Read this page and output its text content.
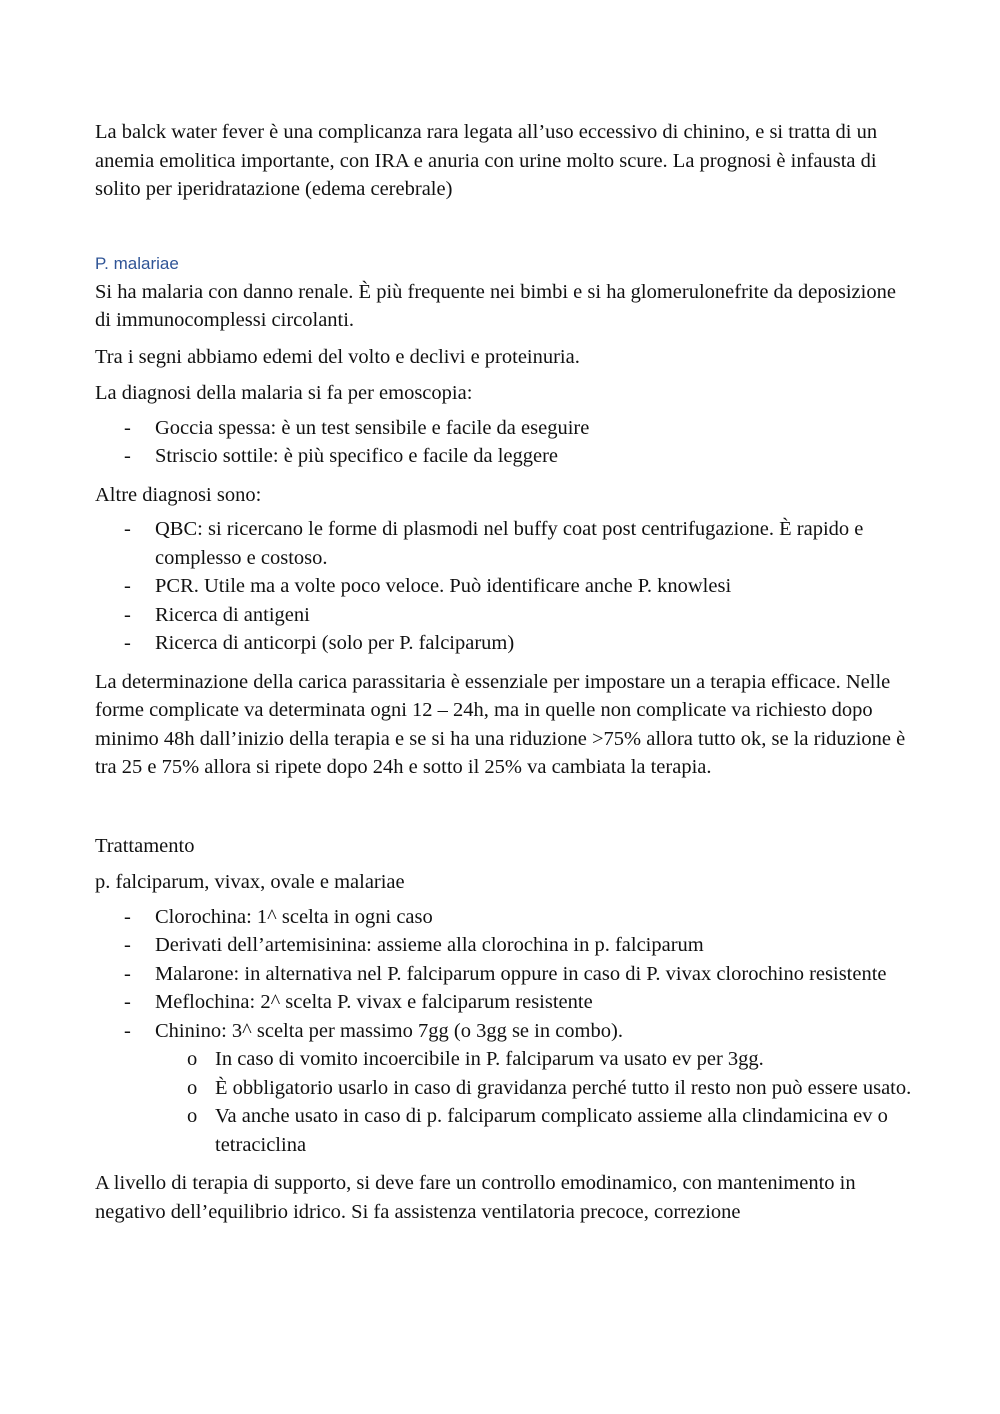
La balck water fever è una complicanza rara legata all’uso eccessivo di chinino, e si tratta di un anemia emolitica importante, con IRA e anuria con urine molto scure. La prognosi è infausta di solito per iperidratazione (edema cerebrale)

P. malariae

Si ha malaria con danno renale. È più frequente nei bimbi e si ha glomerulonefrite da deposizione di immunocomplessi circolanti.

Tra i segni abbiamo edemi del volto e declivi e proteinuria.

La diagnosi della malaria si fa per emoscopia:

- Goccia spessa: è un test sensibile e facile da eseguire
- Striscio sottile: è più specifico e facile da leggere

Altre diagnosi sono:

- QBC: si ricercano le forme di plasmodi nel buffy coat post centrifugazione. È rapido e complesso e costoso.
- PCR. Utile ma a volte poco veloce. Può identificare anche P. knowlesi
- Ricerca di antigeni
- Ricerca di anticorpi (solo per P. falciparum)

La determinazione della carica parassitaria è essenziale per impostare un a terapia efficace. Nelle forme complicate va determinata ogni 12 – 24h, ma in quelle non complicate va richiesto dopo minimo 48h dall’inizio della terapia e se si ha una riduzione >75% allora tutto ok, se la riduzione è tra 25 e 75% allora si ripete dopo 24h e sotto il 25% va cambiata la terapia.

Trattamento

p. falciparum, vivax, ovale e malariae

- Clorochina: 1^ scelta in ogni caso
- Derivati dell’artemisinina: assieme alla clorochina in p. falciparum
- Malarone: in alternativa nel P. falciparum oppure in caso di P. vivax clorochino resistente
- Meflochina: 2^ scelta P. vivax e falciparum resistente
- Chinino: 3^ scelta per massimo 7gg (o 3gg se in combo).
o In caso di vomito incoercibile in P. falciparum va usato ev per 3gg.
o È obbligatorio usarlo in caso di gravidanza perché tutto il resto non può essere usato.
o Va anche usato in caso di p. falciparum complicato assieme alla clindamicina ev o tetraciclina

A livello di terapia di supporto, si deve fare un controllo emodinamico, con mantenimento in negativo dell’equilibrio idrico. Si fa assistenza ventilatoria precoce, correzione
